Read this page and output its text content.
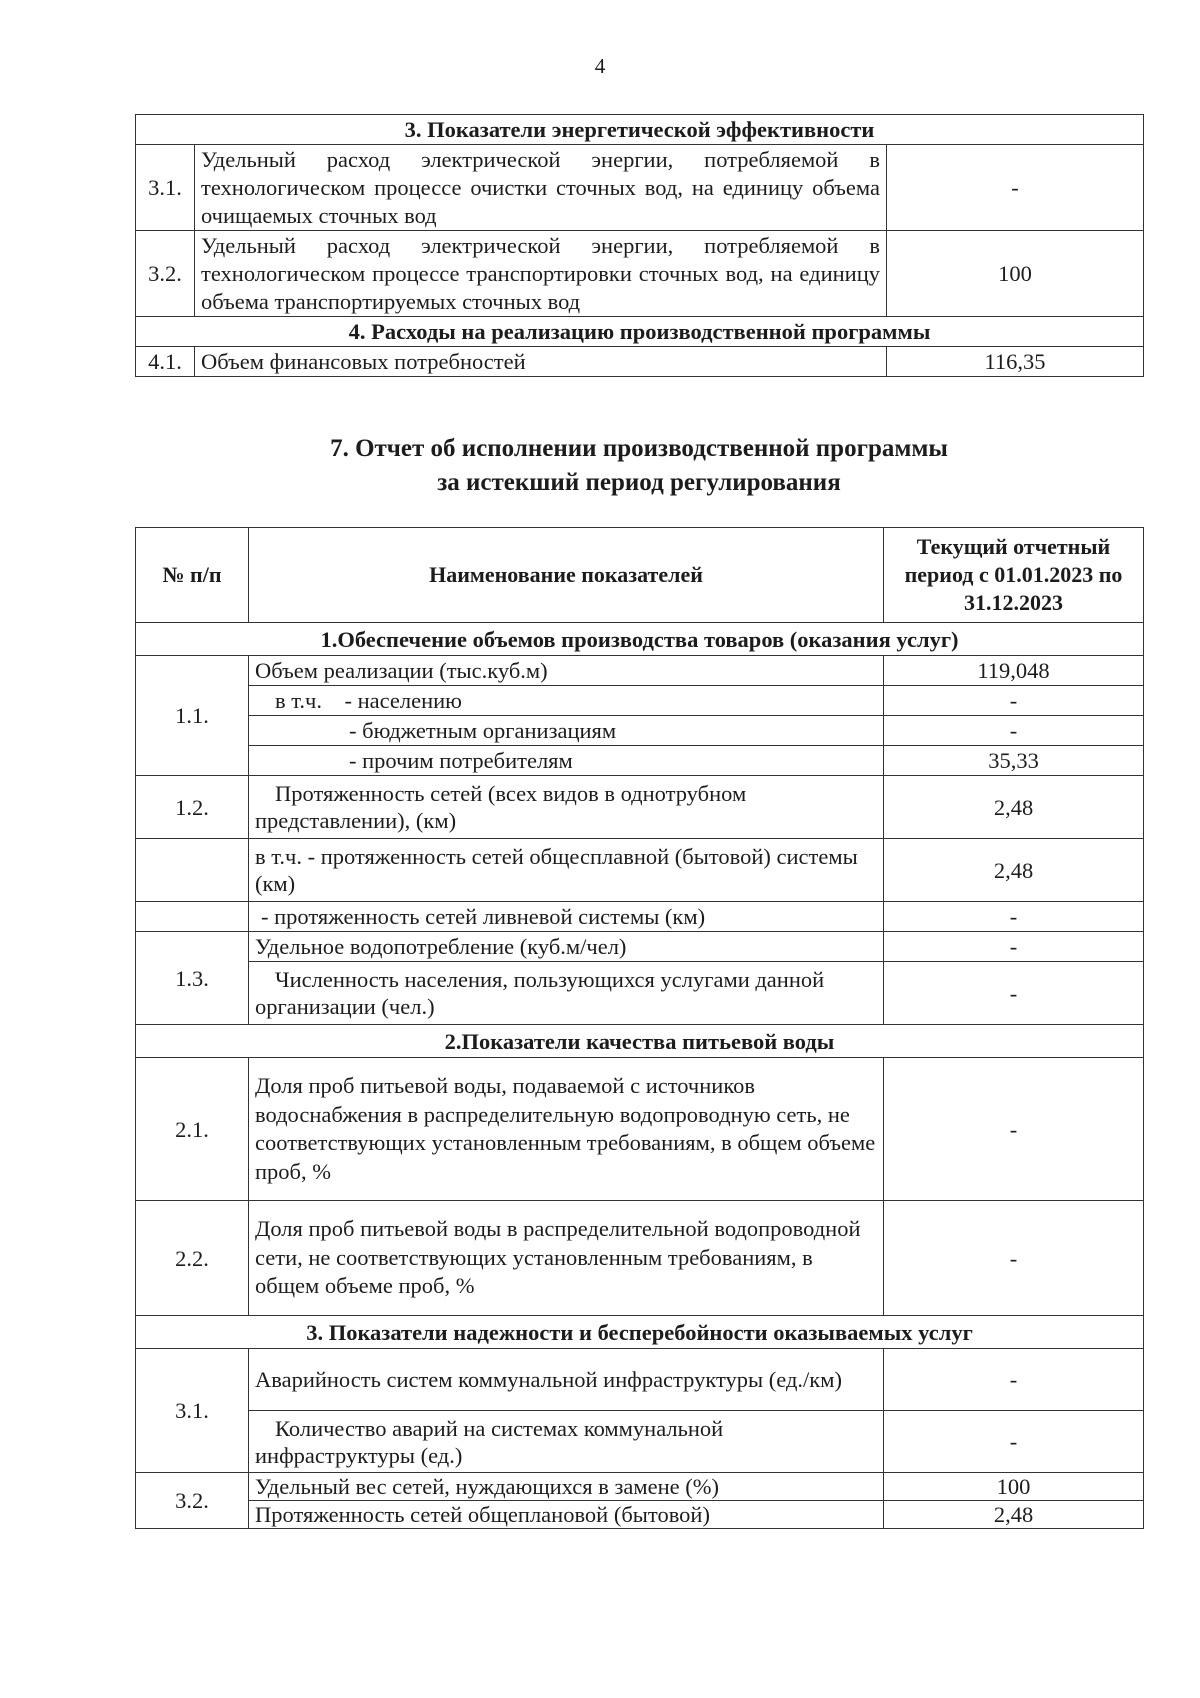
4
3. Показатели энергетической эффективности		
3.1.	Удельный расход электрической энергии, потребляемой в технологическом процессе очистки сточных вод, на единицу объема очищаемых сточных вод	-
3.2.	Удельный расход электрической энергии, потребляемой в технологическом процессе транспортировки сточных вод, на единицу объема транспортируемых сточных вод	100
4. Расходы на реализацию производственной программы		
4.1.	Объем финансовых потребностей	116,35
7. Отчет об исполнении производственной программы
за истекший период регулирования
№ п/п	Наименование показателей	Текущий отчетный период с 01.01.2023 по 31.12.2023
1.Обеспечение объемов производства товаров (оказания услуг)		
1.1.	Объем реализации (тыс.куб.м)	119,048
	в т.ч.    - населению	-
	- бюджетным организациям	-
	- прочим потребителям	35,33
1.2.	Протяженность сетей (всех видов в однотрубном представлении), (км)	2,48
	в т.ч. - протяженность сетей общесплавной (бытовой) системы (км)	2,48
	- протяженность сетей ливневой системы (км)	-
1.3.	Удельное водопотребление (куб.м/чел)	-
	Численность населения, пользующихся услугами данной организации (чел.)	-
2.Показатели качества питьевой воды		
2.1.	Доля проб питьевой воды, подаваемой с источников водоснабжения в распределительную водопроводную сеть, не соответствующих установленным требованиям, в общем объеме проб, %	-
2.2.	Доля проб питьевой воды в распределительной водопроводной сети, не соответствующих установленным требованиям, в общем объеме проб, %	-
3. Показатели надежности и бесперебойности оказываемых услуг		
3.1.	Аварийность систем коммунальной инфраструктуры (ед./км)	-
	Количество аварий на системах коммунальной инфраструктуры (ед.)	-
3.2.	Удельный вес сетей, нуждающихся в замене (%)	100
	Протяженность сетей общеплановой (бытовой)	2,48
